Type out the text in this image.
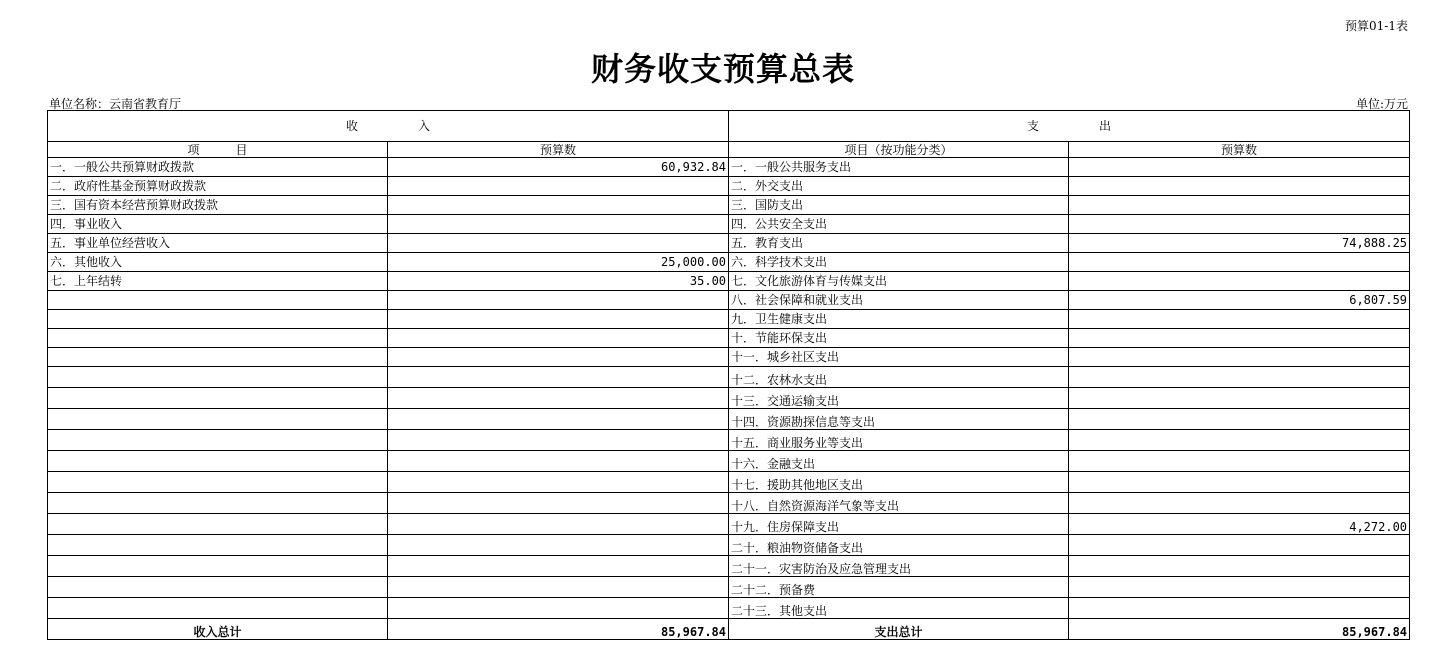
预算01-1表
财务收支预算总表
单位名称：云南省教育厅	单位:万元
收　　　　　入		支　　　　　出	
项　　　目	预算数	项目（按功能分类）	预算数
一．一般公共预算财政拨款	60,932.84	一．一般公共服务支出	
二．政府性基金预算财政拨款		二．外交支出	
三．国有资本经营预算财政拨款		三．国防支出	
四．事业收入		四．公共安全支出	
五．事业单位经营收入		五．教育支出	74,888.25
六．其他收入	25,000.00	六．科学技术支出	
七．上年结转	35.00	七．文化旅游体育与传媒支出	
		八．社会保障和就业支出	6,807.59
		九．卫生健康支出	
		十．节能环保支出	
		十一．城乡社区支出	
		十二．农林水支出	
		十三．交通运输支出	
		十四．资源勘探信息等支出	
		十五．商业服务业等支出	
		十六．金融支出	
		十七．援助其他地区支出	
		十八．自然资源海洋气象等支出	
		十九．住房保障支出	4,272.00
		二十．粮油物资储备支出	
		二十一．灾害防治及应急管理支出	
		二十二．预备费	
		二十三．其他支出	
收入总计	85,967.84	支出总计	85,967.84
